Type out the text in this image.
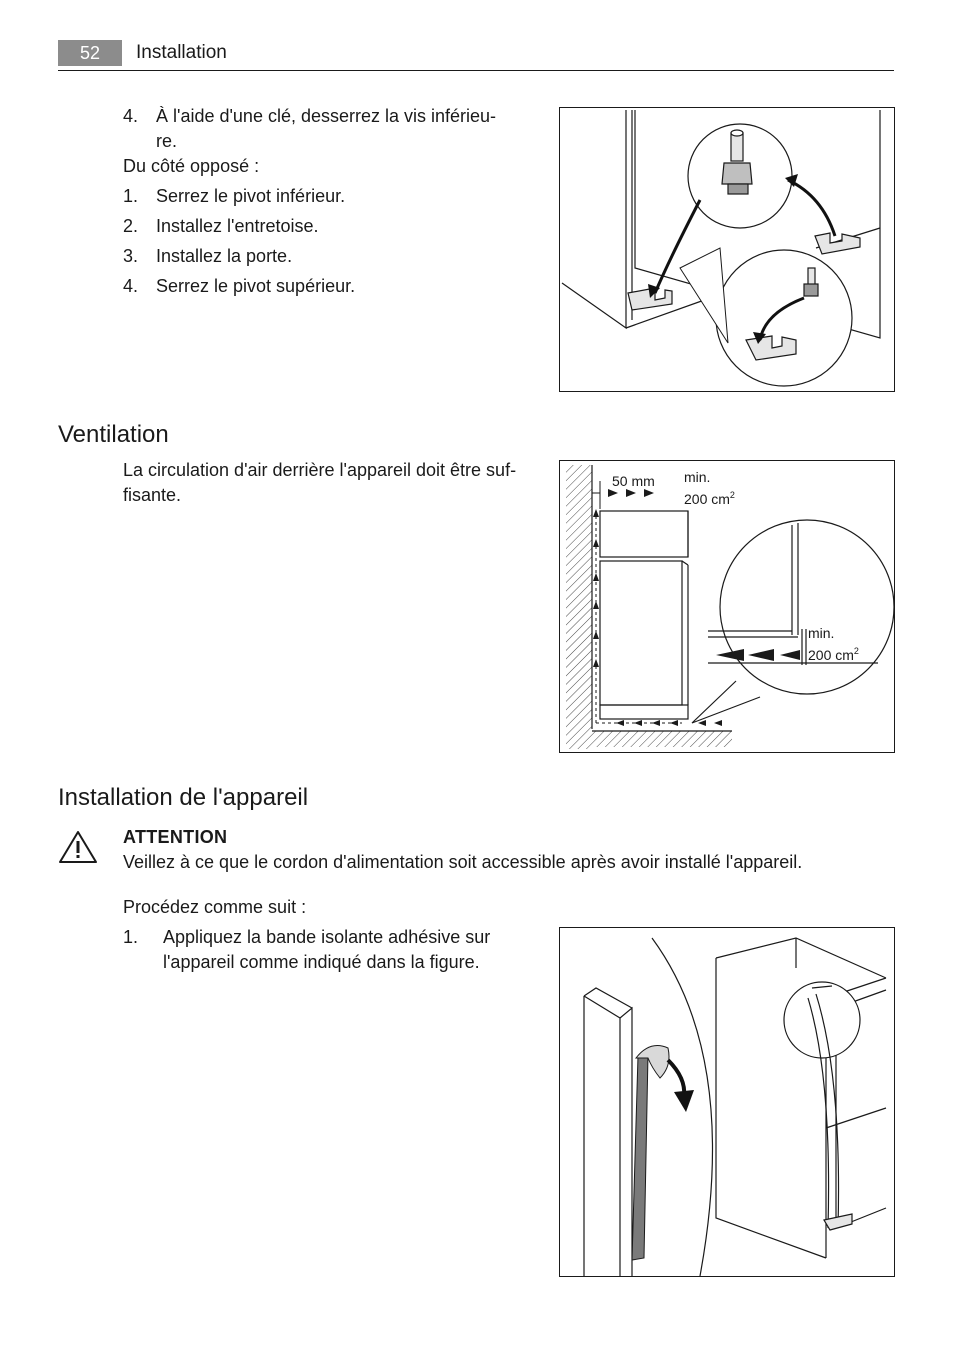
52	Installation
4. À l'aide d'une clé, desserrez la vis inférieu-
re.
Du côté opposé :
1. Serrez le pivot inférieur.
2. Installez l'entretoise.
3. Installez la porte.
4. Serrez le pivot supérieur.
Ventilation
La circulation d'air derrière l'appareil doit être suf-
fisante.
50 mm min.
200 $cm^2$
min.
200 $cm^2$
Installation de l'appareil
ATTENTION
Veillez à ce que le cordon d'alimentation soit accessible après avoir installé l'appareil.
Procédez comme suit :
1.	Appliquez la bande isolante adhésive sur
l'appareil comme indiqué dans la figure.
